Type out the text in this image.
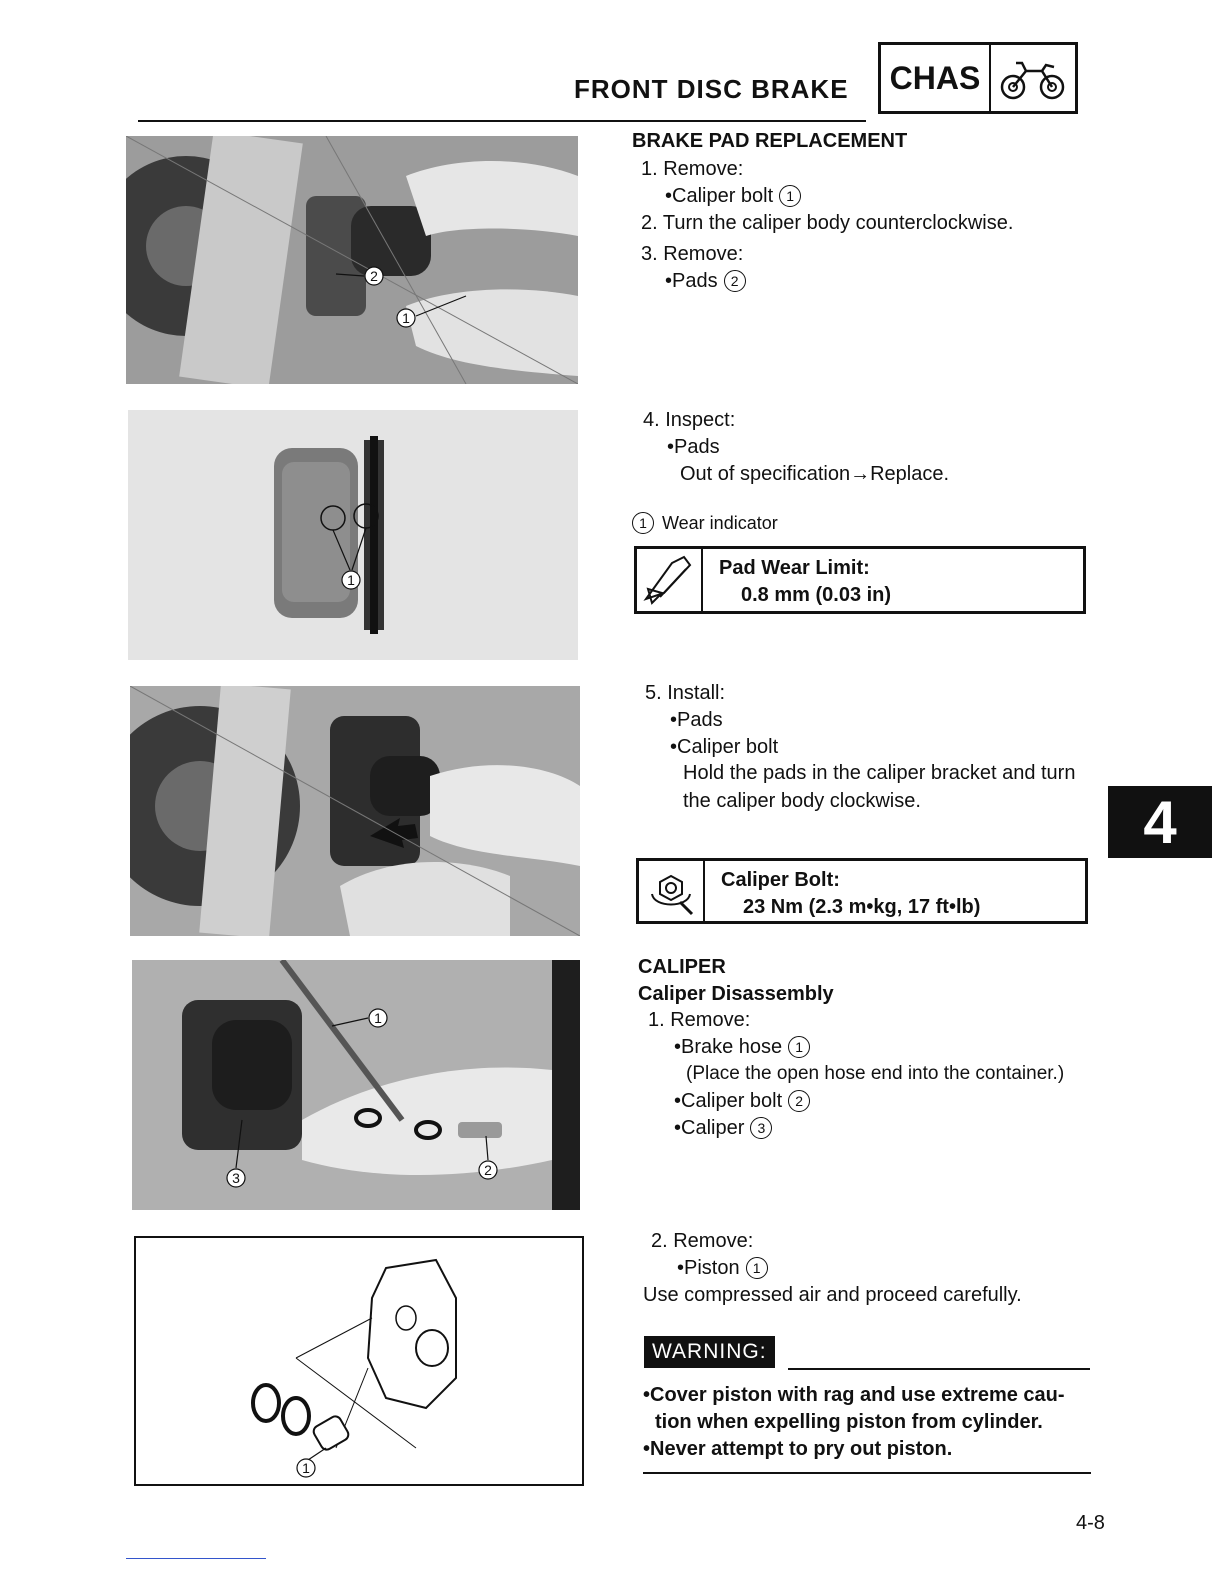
FRONT DISC BRAKE CHAS
2
1
1
1
2
3
1
BRAKE PAD REPLACEMENT
1. Remove:
•Caliper bolt 1
2. Turn the caliper body counterclockwise.
3. Remove:
•Pads 2
4. Inspect:
•Pads
Out of specification→Replace.
1 Wear indicator
Pad Wear Limit:
0.8 mm (0.03 in)
5. Install:
•Pads
•Caliper bolt
Hold the pads in the caliper bracket and turn
the caliper body clockwise.	4
Caliper Bolt:
23 Nm (2.3 m•kg, 17 ft•lb)
CALIPER
Caliper Disassembly
1. Remove:
•Brake hose 1
(Place the open hose end into the container.)
•Caliper bolt 2
•Caliper 3
2. Remove:
•Piston 1
Use compressed air and proceed carefully.
WARNING:
•Cover piston with rag and use extreme cau-
tion when expelling piston from cylinder.
•Never attempt to pry out piston.
4-8
